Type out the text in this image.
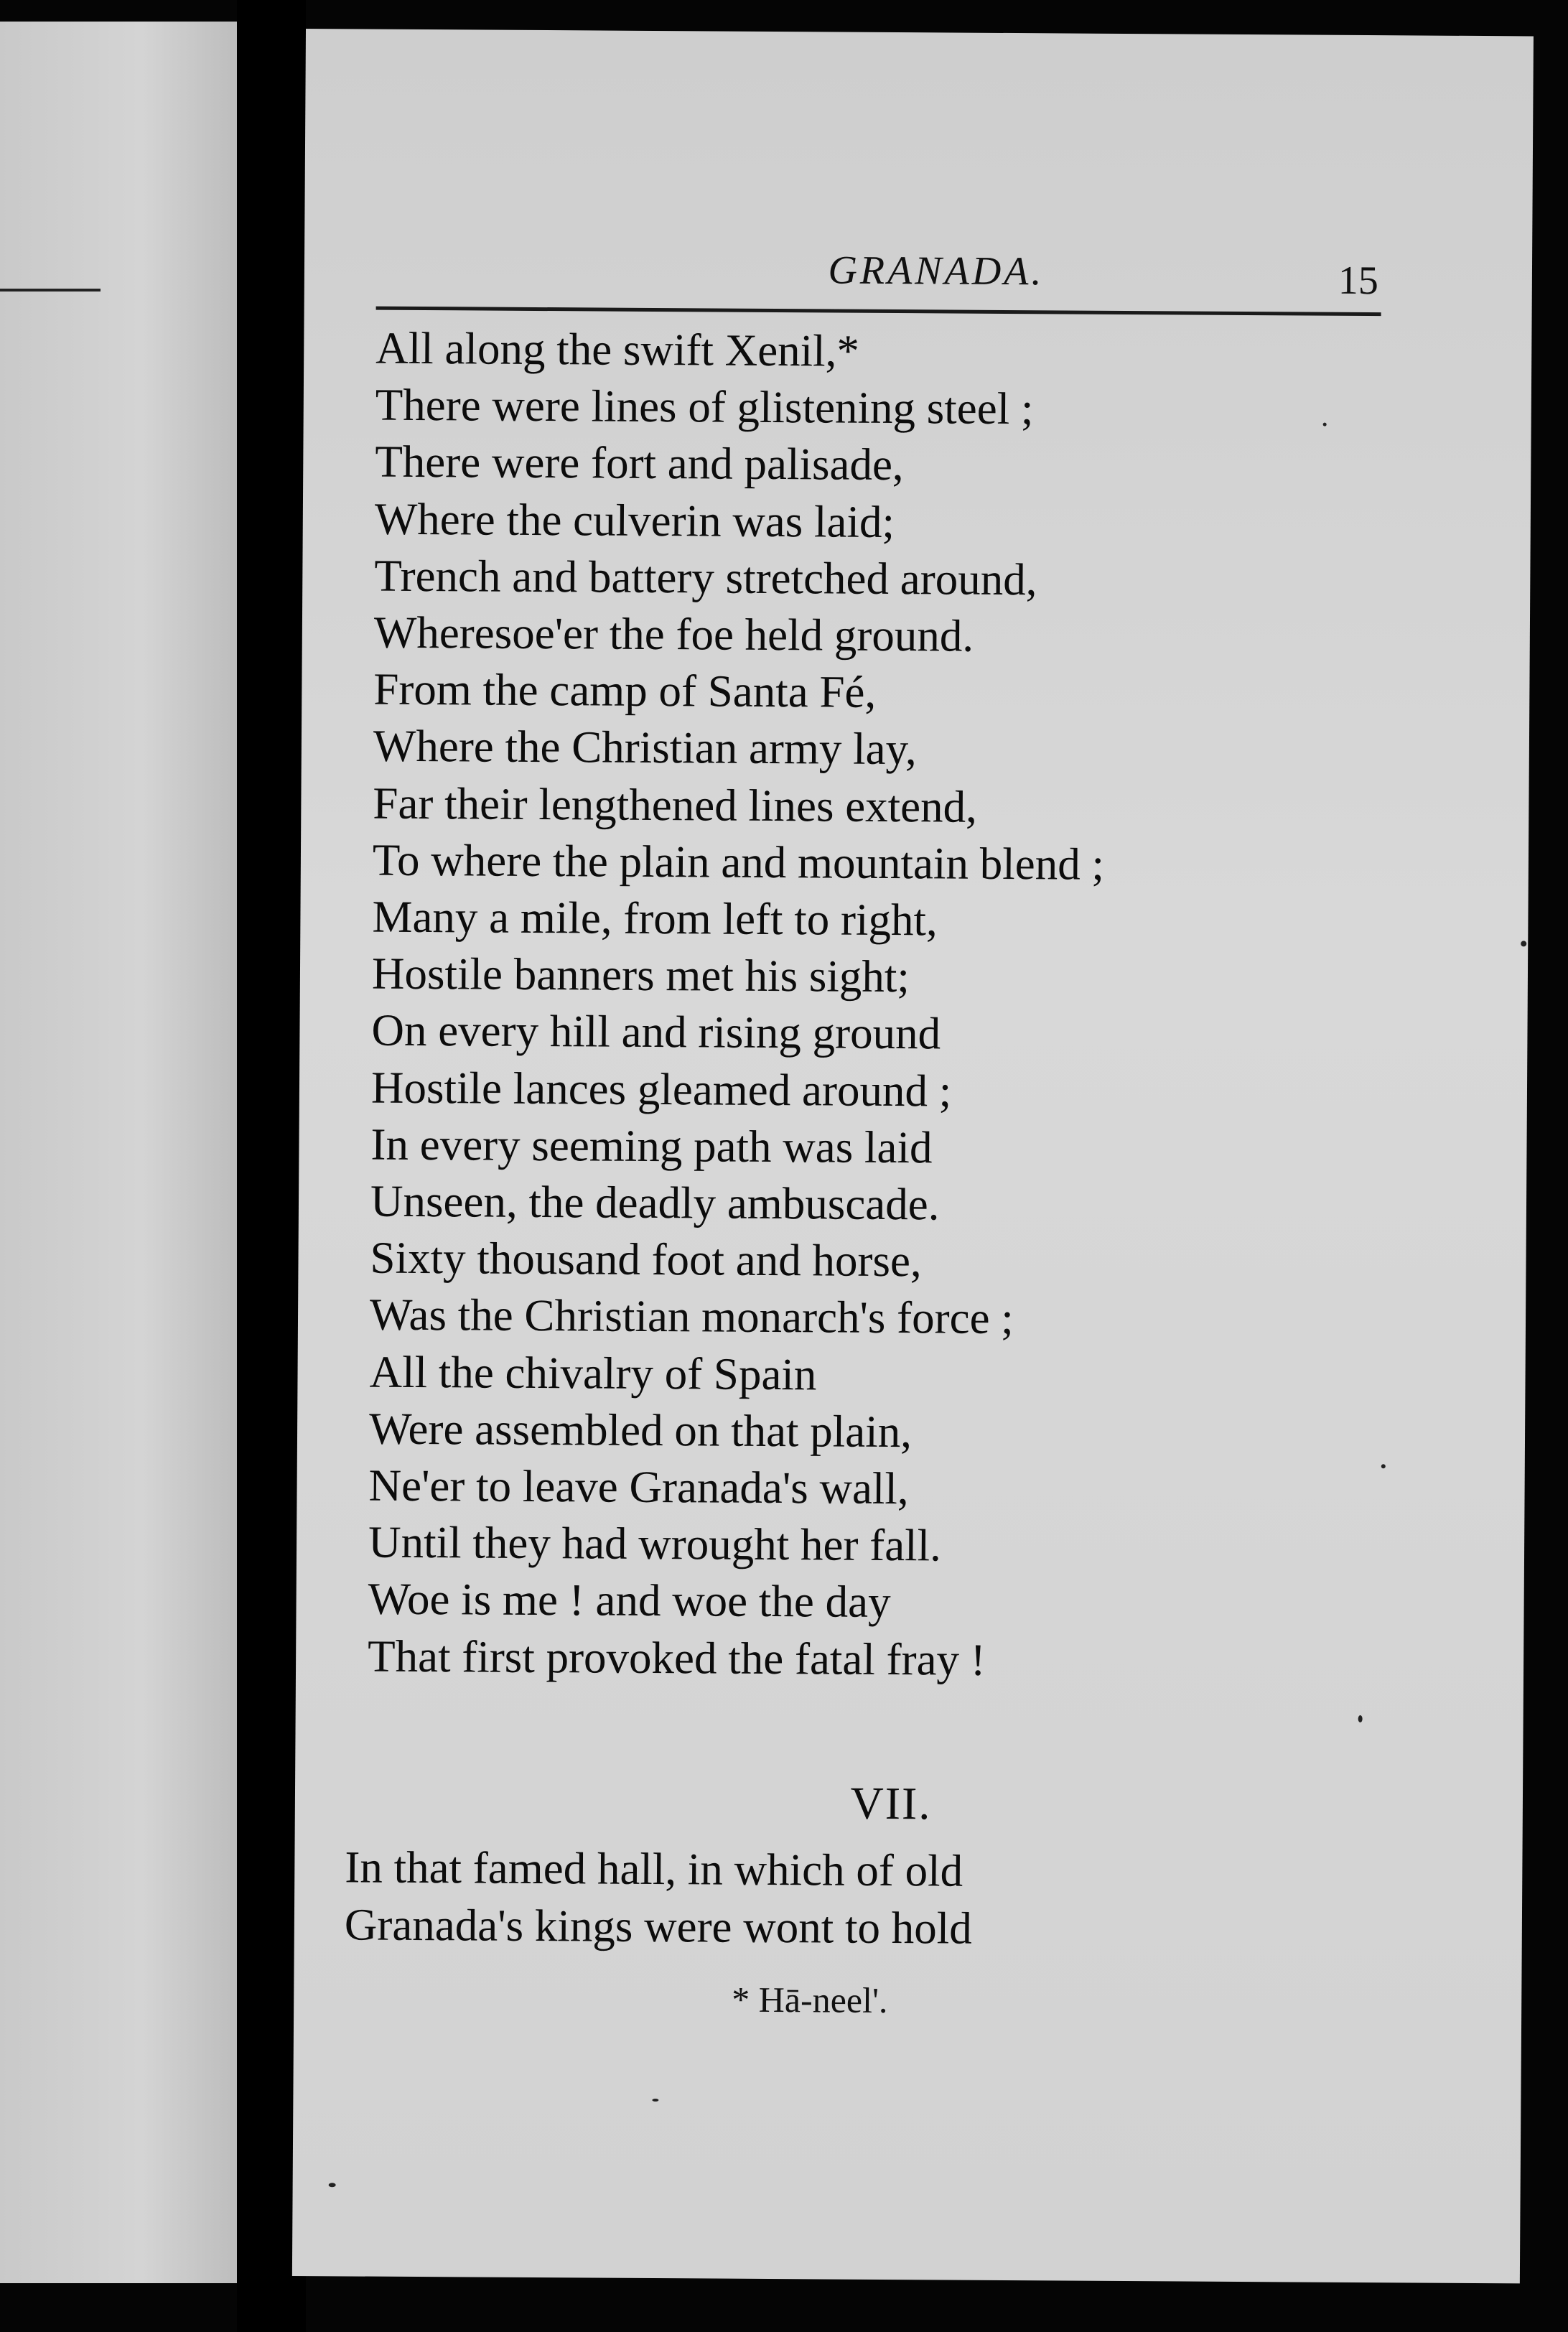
GRANADA.	15
All along the swift Xenil,*
There were lines of glistening steel ;
There were fort and palisade,
Where the culverin was laid;
Trench and battery stretched around,
Wheresoe'er the foe held ground.
From the camp of Santa Fé,
Where the Christian army lay,
Far their lengthened lines extend,
To where the plain and mountain blend ;
Many a mile, from left to right,
Hostile banners met his sight;
On every hill and rising ground
Hostile lances gleamed around ;
In every seeming path was laid
Unseen, the deadly ambuscade.
Sixty thousand foot and horse,
Was the Christian monarch's force ;
All the chivalry of Spain
Were assembled on that plain,
Ne'er to leave Granada's wall,
Until they had wrought her fall.
Woe is me ! and woe the day
That first provoked the fatal fray !
VII.
In that famed hall, in which of old
Granada's kings were wont to hold
* Hā-neel'.
